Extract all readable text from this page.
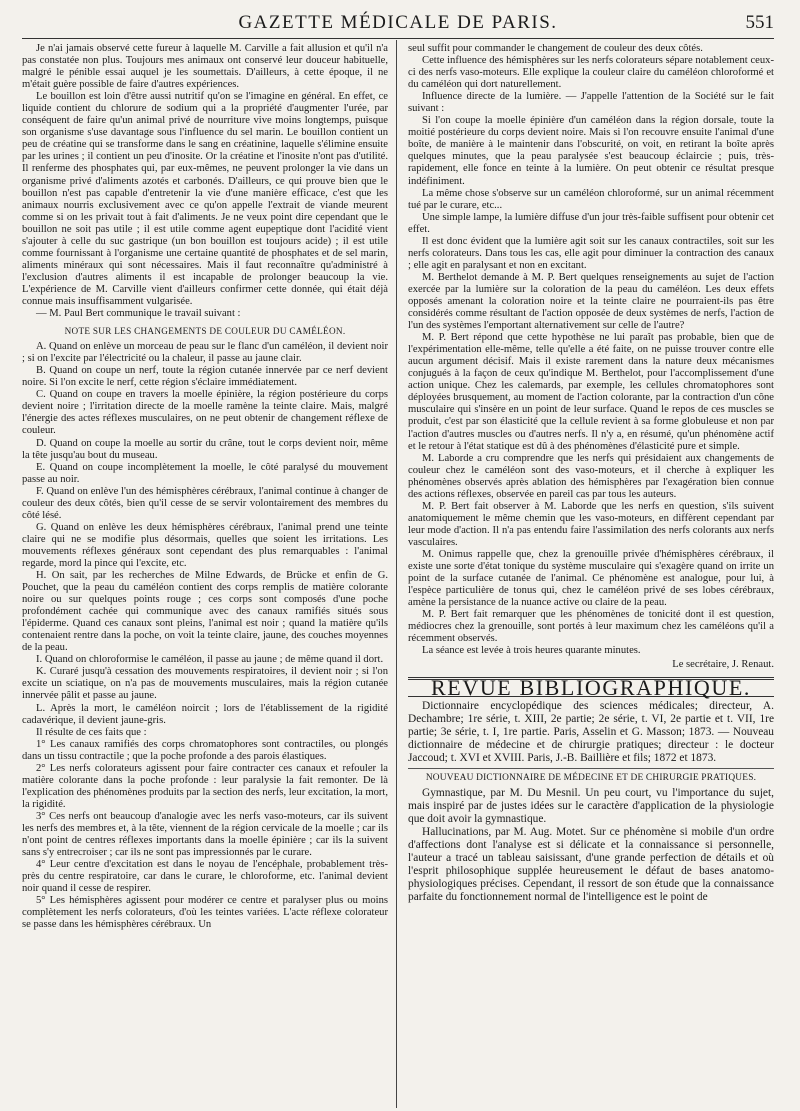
GAZETTE MÉDICALE DE PARIS.	551

Je n'ai jamais observé cette fureur à laquelle M. Carville a fait allusion et qu'il n'a pas constatée non plus. Toujours mes animaux ont conservé leur douceur habituelle, malgré le pénible essai auquel je les soumettais. D'ailleurs, à cette époque, il ne m'était guère possible de faire d'autres expériences.

Le bouillon est loin d'être aussi nutritif qu'on se l'imagine en général. En effet, ce liquide contient du chlorure de sodium qui a la propriété d'augmenter l'urée, par conséquent de faire qu'un animal privé de nourriture vive moins longtemps, puisque son organisme s'use davantage sous l'influence du sel marin. Le bouillon contient un peu de créatine qui se transforme dans le sang en créatinine, laquelle s'élimine ensuite par les urines ; il contient un peu d'inosite. Or la créatine et l'inosite n'ont pas d'utilité. Il renferme des phosphates qui, par eux-mêmes, ne peuvent prolonger la vie dans un organisme privé d'aliments azotés et carbonés. D'ailleurs, ce qui prouve bien que le bouillon n'est pas capable d'entretenir la vie d'une manière efficace, c'est que les animaux nourris exclusivement avec ce qu'on appelle l'extrait de viande meurent comme si on les privait tout à fait d'aliments. Je ne veux point dire cependant que le bouillon ne soit pas utile ; il est utile comme agent eupeptique dont l'acidité vient s'ajouter à celle du suc gastrique (un bon bouillon est toujours acide) ; il est utile comme fournissant à l'organisme une certaine quantité de phosphates et de sel marin, aliments minéraux qui sont nécessaires. Mais il faut reconnaître qu'administré à l'exclusion d'autres aliments il est incapable de prolonger beaucoup la vie. L'expérience de M. Carville vient d'ailleurs confirmer cette donnée, qui était déjà connue mais insuffisamment vulgarisée.

— M. Paul Bert communique le travail suivant :

NOTE SUR LES CHANGEMENTS DE COULEUR DU CAMÉLÉON.

A. Quand on enlève un morceau de peau sur le flanc d'un caméléon, il devient noir ; si on l'excite par l'électricité ou la chaleur, il passe au jaune clair.

B. Quand on coupe un nerf, toute la région cutanée innervée par ce nerf devient noire. Si l'on excite le nerf, cette région s'éclaire immédiatement.

C. Quand on coupe en travers la moelle épinière, la région postérieure du corps devient noire ; l'irritation directe de la moelle ramène la teinte claire. Mais, malgré l'énergie des actes réflexes musculaires, on ne peut obtenir de changement réflexe de couleur.

D. Quand on coupe la moelle au sortir du crâne, tout le corps devient noir, même la tête jusqu'au bout du museau.

E. Quand on coupe incomplètement la moelle, le côté paralysé du mouvement passe au noir.

F. Quand on enlève l'un des hémisphères cérébraux, l'animal continue à changer de couleur des deux côtés, bien qu'il cesse de se servir volontairement des membres du côté lésé.

G. Quand on enlève les deux hémisphères cérébraux, l'animal prend une teinte claire qui ne se modifie plus désormais, quelles que soient les irritations. Les mouvements réflexes généraux sont cependant des plus remarquables : l'animal regarde, mord la pince qui l'excite, etc.

H. On sait, par les recherches de Milne Edwards, de Brücke et enfin de G. Pouchet, que la peau du caméléon contient des corps remplis de matière colorante noire ou sur quelques points rouge ; ces corps sont composés d'une poche profondément cachée qui communique avec des canaux ramifiés situés sous l'épiderme. Quand ces canaux sont pleins, l'animal est noir ; quand la matière qu'ils contenaient rentre dans la poche, on voit la teinte claire, jaune, des couches moyennes de la peau.

I. Quand on chloroformise le caméléon, il passe au jaune ; de même quand il dort.

K. Curaré jusqu'à cessation des mouvements respiratoires, il devient noir ; si l'on excite un sciatique, on n'a pas de mouvements musculaires, mais la région cutanée innervée pâlit et passe au jaune.

L. Après la mort, le caméléon noircit ; lors de l'établissement de la rigidité cadavérique, il devient jaune-gris.

Il résulte de ces faits que :

1° Les canaux ramifiés des corps chromatophores sont contractiles, ou plongés dans un tissu contractile ; que la poche profonde a des parois élastiques.

2° Les nerfs colorateurs agissent pour faire contracter ces canaux et refouler la matière colorante dans la poche profonde : leur paralysie la fait remonter. De là l'explication des phénomènes produits par la section des nerfs, leur excitation, la mort, la rigidité.

3° Ces nerfs ont beaucoup d'analogie avec les nerfs vaso-moteurs, car ils suivent les nerfs des membres et, à la tête, viennent de la région cervicale de la moelle ; car ils n'ont point de centres réflexes importants dans la moelle épinière ; car ils la suivent sans s'y entrecroiser ; car ils ne sont pas impressionnés par le curare.

4° Leur centre d'excitation est dans le noyau de l'encéphale, probablement très-près du centre respiratoire, car dans le curare, le chloroforme, etc. l'animal devient noir quand il cesse de respirer.

5° Les hémisphères agissent pour modérer ce centre et paralyser plus ou moins complètement les nerfs colorateurs, d'où les teintes variées. L'acte réflexe colorateur se passe dans les hémisphères cérébraux. Un

seul suffit pour commander le changement de couleur des deux côtés.

Cette influence des hémisphères sur les nerfs colorateurs sépare notablement ceux-ci des nerfs vaso-moteurs. Elle explique la couleur claire du caméléon chloroformé et du caméléon qui dort naturellement.

Influence directe de la lumière. — J'appelle l'attention de la Société sur le fait suivant :

Si l'on coupe la moelle épinière d'un caméléon dans la région dorsale, toute la moitié postérieure du corps devient noire. Mais si l'on recouvre ensuite l'animal d'une boîte, de manière à le maintenir dans l'obscurité, on voit, en retirant la boîte après quelques minutes, que la peau paralysée s'est beaucoup éclaircie ; puis, très-rapidement, elle fonce en teinte à la lumière. On peut obtenir ce résultat presque indéfiniment.

La même chose s'observe sur un caméléon chloroformé, sur un animal récemment tué par le curare, etc...

Une simple lampe, la lumière diffuse d'un jour très-faible suffisent pour obtenir cet effet.

Il est donc évident que la lumière agit soit sur les canaux contractiles, soit sur les nerfs colorateurs. Dans tous les cas, elle agit pour diminuer la contraction des canaux ; elle agit en paralysant et non en excitant.

M. Berthelot demande à M. P. Bert quelques renseignements au sujet de l'action exercée par la lumière sur la coloration de la peau du caméléon. Les deux effets opposés amenant la coloration noire et la teinte claire ne pourraient-ils pas être considérés comme résultant de l'action opposée de deux systèmes de nerfs, l'action de l'un des systèmes l'emportant alternativement sur celle de l'autre?

M. P. Bert répond que cette hypothèse ne lui paraît pas probable, bien que de l'expérimentation elle-même, telle qu'elle a été faite, on ne puisse trouver contre elle aucun argument décisif. Mais il existe rarement dans la nature deux mécanismes conjugués à la façon de ceux qu'indique M. Berthelot, pour l'accomplissement d'une action unique. Chez les calemards, par exemple, les cellules chromatophores sont déployées brusquement, au moment de l'action colorante, par la contraction d'un cône musculaire qui s'insère en un point de leur surface. Quand le repos de ces muscles se produit, c'est par son élasticité que la cellule revient à sa forme globuleuse et non par l'action d'autres muscles ou d'autres nerfs. Il n'y a, en résumé, qu'un phénomène actif et le retour à l'état statique est dû à des phénomènes d'élasticité pure et simple.

M. Laborde a cru comprendre que les nerfs qui présidaient aux changements de couleur chez le caméléon sont des vaso-moteurs, et il cherche à expliquer les phénomènes observés après ablation des hémisphères par l'exagération bien connue des actions réflexes, observée en pareil cas par tous les auteurs.

M. P. Bert fait observer à M. Laborde que les nerfs en question, s'ils suivent anatomiquement le même chemin que les vaso-moteurs, en diffèrent cependant par leur mode d'action. Il n'a pas entendu faire l'assimilation des nerfs colorants aux nerfs vasculaires.

M. Onimus rappelle que, chez la grenouille privée d'hémisphères cérébraux, il existe une sorte d'état tonique du système musculaire qui s'exagère quand on irrite un point de la surface cutanée de l'animal. Ce phénomène est analogue, pour lui, à l'espèce particulière de tonus qui, chez le caméléon privé de ses lobes cérébraux, amène la persistance de la nuance active ou claire de la peau.

M. P. Bert fait remarquer que les phénomènes de tonicité dont il est question, médiocres chez la grenouille, sont portés à leur maximum chez les caméléons qu'il a récemment observés.

La séance est levée à trois heures quarante minutes.

Le secrétaire, J. Renaut.

REVUE BIBLIOGRAPHIQUE.

Dictionnaire encyclopédique des sciences médicales; directeur, A. Dechambre; 1re série, t. XIII, 2e partie; 2e série, t. VI, 2e partie et t. VII, 1re partie; 3e série, t. I, 1re partie. Paris, Asselin et G. Masson; 1873. — Nouveau dictionnaire de médecine et de chirurgie pratiques; directeur : le docteur Jaccoud; t. XVI et XVIII. Paris, J.-B. Baillière et fils; 1872 et 1873.

NOUVEAU DICTIONNAIRE DE MÉDECINE ET DE CHIRURGIE PRATIQUES.

Gymnastique, par M. Du Mesnil. Un peu court, vu l'importance du sujet, mais inspiré par de justes idées sur le caractère d'application de la physiologie que doit avoir la gymnastique.

Hallucinations, par M. Aug. Motet. Sur ce phénomène si mobile d'un ordre d'affections dont l'analyse est si délicate et la connaissance si personnelle, l'auteur a tracé un tableau saisissant, d'une grande perfection de détails et où l'esprit philosophique supplée heureusement le défaut de bases anatomo-physiologiques précises. Cependant, il ressort de son étude que la connaissance parfaite du fonctionnement normal de l'intelligence est le point de
